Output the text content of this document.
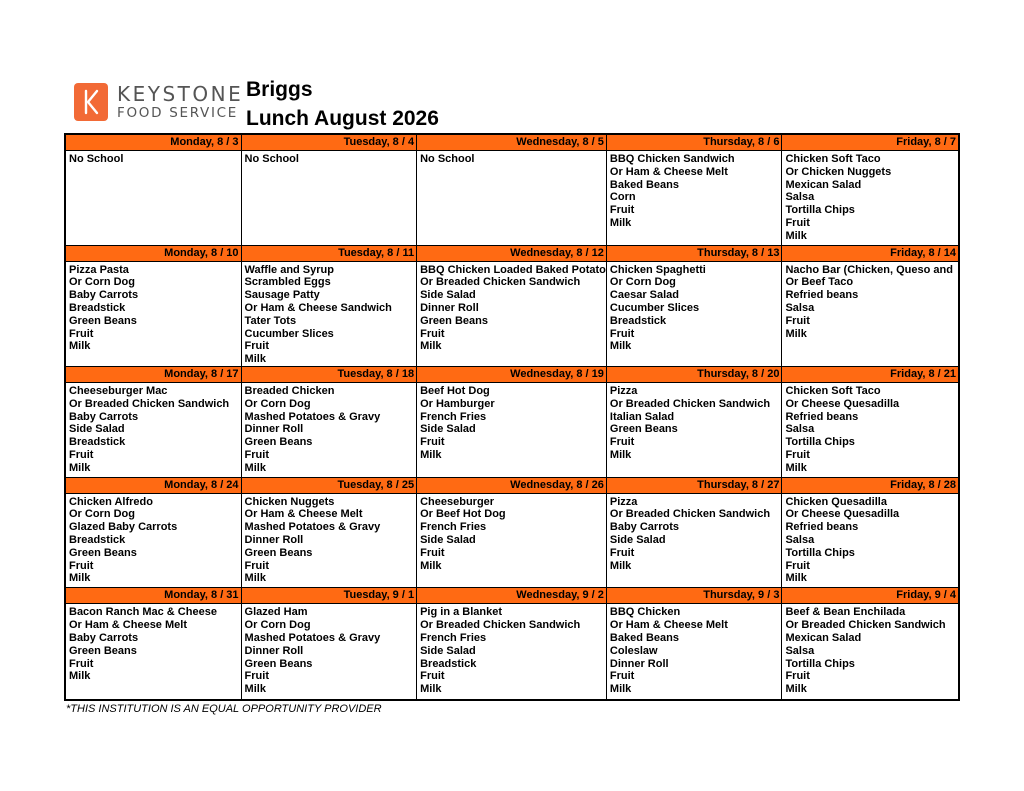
KEYSTONE
FOOD SERVICE
Briggs
Lunch August 2026
Monday, 8 / 3
No School
Tuesday, 8 / 4
No School
Wednesday, 8 / 5
No School
Thursday, 8 / 6
BBQ Chicken Sandwich
Or Ham & Cheese Melt
Baked Beans
Corn
Fruit
Milk
Friday, 8 / 7
Chicken Soft Taco
Or Chicken Nuggets
Mexican Salad
Salsa
Tortilla Chips
Fruit
Milk
Monday, 8 / 10
Pizza Pasta
Or Corn Dog
Baby Carrots
Breadstick
Green Beans
Fruit
Milk
Tuesday, 8 / 11
Waffle and Syrup
Scrambled Eggs
Sausage Patty
Or Ham & Cheese Sandwich
Tater Tots
Cucumber Slices
Fruit
Milk
Wednesday, 8 / 12
BBQ Chicken Loaded Baked Potato
Or Breaded Chicken Sandwich
Side Salad
Dinner Roll
Green Beans
Fruit
Milk
Thursday, 8 / 13
Chicken Spaghetti
Or Corn Dog
Caesar Salad
Cucumber Slices
Breadstick
Fruit
Milk
Friday, 8 / 14
Nacho Bar (Chicken, Queso and
Or Beef Taco
Refried beans
Salsa
Fruit
Milk
Monday, 8 / 17
Cheeseburger Mac
Or Breaded Chicken Sandwich
Baby Carrots
Side Salad
Breadstick
Fruit
Milk
Tuesday, 8 / 18
Breaded Chicken
Or Corn Dog
Mashed Potatoes & Gravy
Dinner Roll
Green Beans
Fruit
Milk
Wednesday, 8 / 19
Beef Hot Dog
Or Hamburger
French Fries
Side Salad
Fruit
Milk
Thursday, 8 / 20
Pizza
Or Breaded Chicken Sandwich
Italian Salad
Green Beans
Fruit
Milk
Friday, 8 / 21
Chicken Soft Taco
Or Cheese Quesadilla
Refried beans
Salsa
Tortilla Chips
Fruit
Milk
Monday, 8 / 24
Chicken Alfredo
Or Corn Dog
Glazed Baby Carrots
Breadstick
Green Beans
Fruit
Milk
Tuesday, 8 / 25
Chicken Nuggets
Or Ham & Cheese Melt
Mashed Potatoes & Gravy
Dinner Roll
Green Beans
Fruit
Milk
Wednesday, 8 / 26
Cheeseburger
Or Beef Hot Dog
French Fries
Side Salad
Fruit
Milk
Thursday, 8 / 27
Pizza
Or Breaded Chicken Sandwich
Baby Carrots
Side Salad
Fruit
Milk
Friday, 8 / 28
Chicken Quesadilla
Or Cheese Quesadilla
Refried beans
Salsa
Tortilla Chips
Fruit
Milk
Monday, 8 / 31
Bacon Ranch Mac & Cheese
Or Ham & Cheese Melt
Baby Carrots
Green Beans
Fruit
Milk
Tuesday, 9 / 1
Glazed Ham
Or Corn Dog
Mashed Potatoes & Gravy
Dinner Roll
Green Beans
Fruit
Milk
Wednesday, 9 / 2
Pig in a Blanket
Or Breaded Chicken Sandwich
French Fries
Side Salad
Breadstick
Fruit
Milk
Thursday, 9 / 3
BBQ Chicken
Or Ham & Cheese Melt
Baked Beans
Coleslaw
Dinner Roll
Fruit
Milk
Friday, 9 / 4
Beef & Bean Enchilada
Or Breaded Chicken Sandwich
Mexican Salad
Salsa
Tortilla Chips
Fruit
Milk
*THIS INSTITUTION IS AN EQUAL OPPORTUNITY PROVIDER
